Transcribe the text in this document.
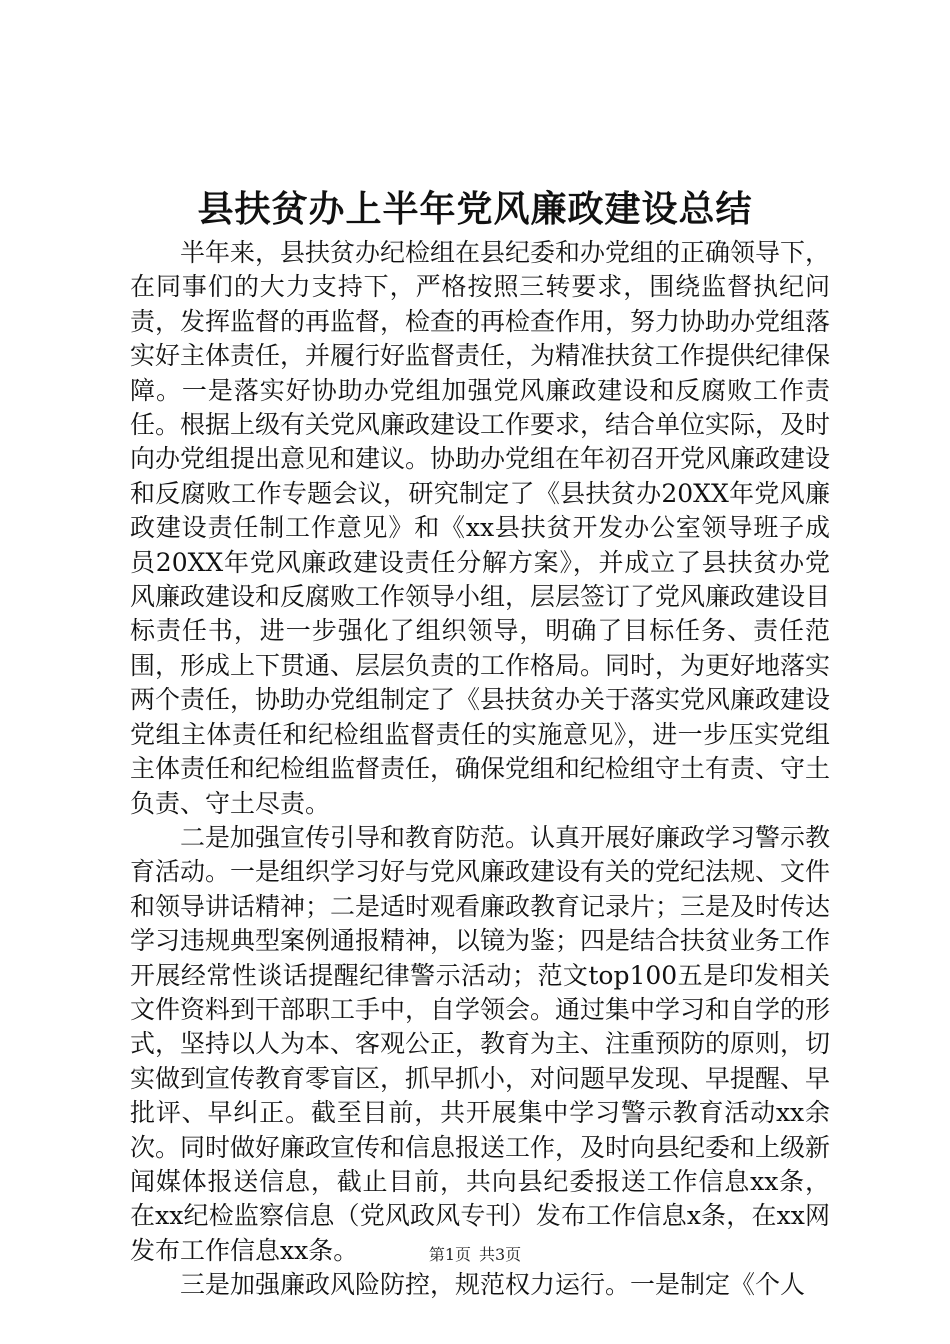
县扶贫办上半年党风廉政建设总结

半年来，县扶贫办纪检组在县纪委和办党组的正确领导下，在同事们的大力支持下，严格按照三转要求，围绕监督执纪问责，发挥监督的再监督，检查的再检查作用，努力协助办党组落实好主体责任，并履行好监督责任，为精准扶贫工作提供纪律保障。一是落实好协助办党组加强党风廉政建设和反腐败工作责任。根据上级有关党风廉政建设工作要求，结合单位实际，及时向办党组提出意见和建议。协助办党组在年初召开党风廉政建设和反腐败工作专题会议，研究制定了《县扶贫办20XX年党风廉政建设责任制工作意见》和《xx县扶贫开发办公室领导班子成员20XX年党风廉政建设责任分解方案》，并成立了县扶贫办党风廉政建设和反腐败工作领导小组，层层签订了党风廉政建设目标责任书，进一步强化了组织领导，明确了目标任务、责任范围，形成上下贯通、层层负责的工作格局。同时，为更好地落实两个责任，协助办党组制定了《县扶贫办关于落实党风廉政建设党组主体责任和纪检组监督责任的实施意见》，进一步压实党组主体责任和纪检组监督责任，确保党组和纪检组守土有责、守土负责、守土尽责。

二是加强宣传引导和教育防范。认真开展好廉政学习警示教育活动。一是组织学习好与党风廉政建设有关的党纪法规、文件和领导讲话精神；二是适时观看廉政教育记录片；三是及时传达学习违规典型案例通报精神，以镜为鉴；四是结合扶贫业务工作开展经常性谈话提醒纪律警示活动；范文top100五是印发相关文件资料到干部职工手中，自学领会。通过集中学习和自学的形式，坚持以人为本、客观公正，教育为主、注重预防的原则，切实做到宣传教育零盲区，抓早抓小，对问题早发现、早提醒、早批评、早纠正。截至目前，共开展集中学习警示教育活动xx余次。同时做好廉政宣传和信息报送工作，及时向县纪委和上级新闻媒体报送信息，截止目前，共向县纪委报送工作信息xx条，在xx纪检监察信息（党风政风专刊）发布工作信息x条，在xx网发布工作信息xx条。

三是加强廉政风险防控，规范权力运行。一是制定《个人

第1页 共3页
